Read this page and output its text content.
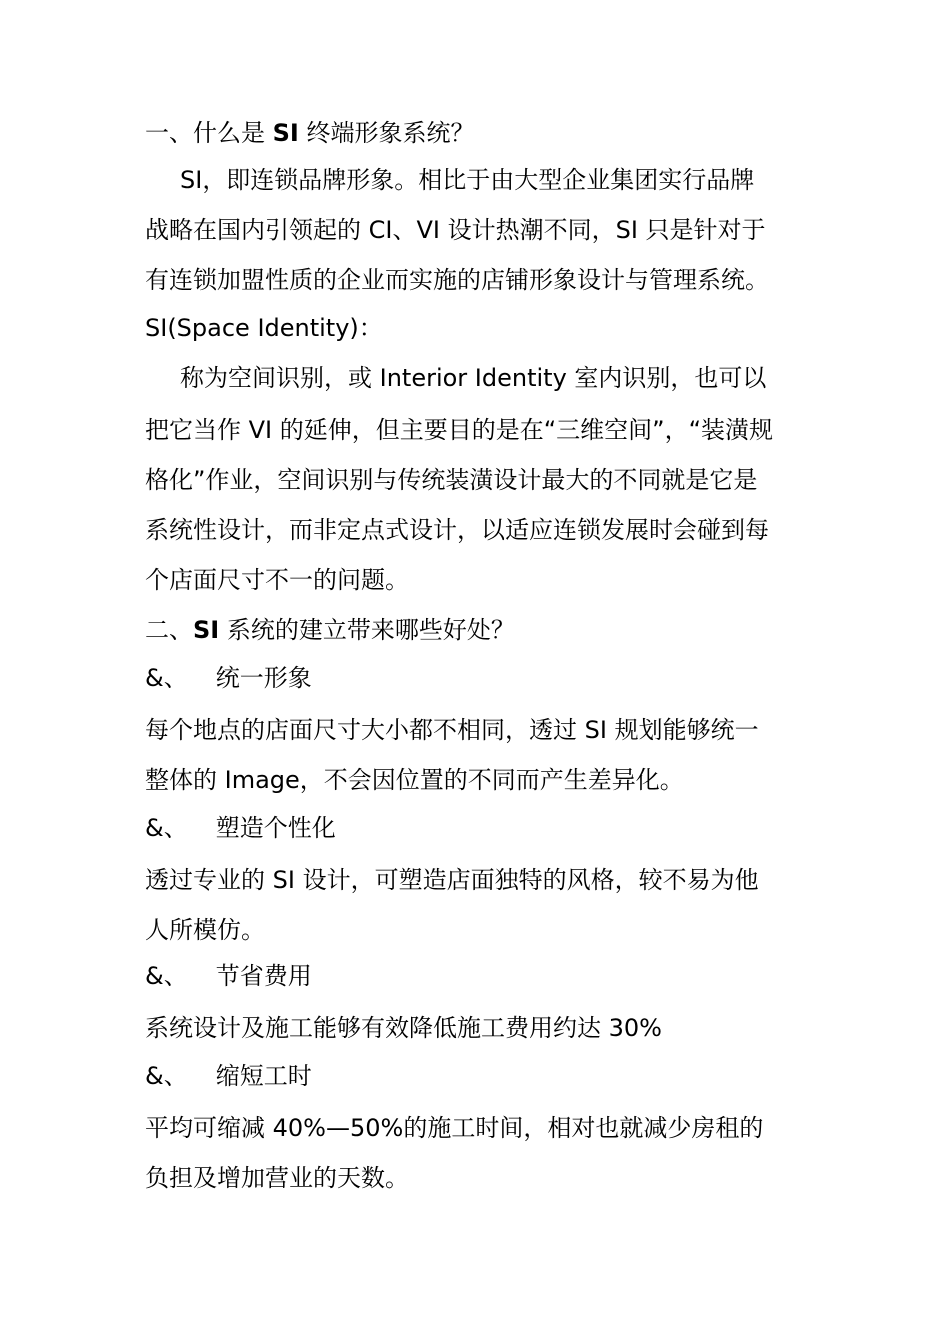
一、什么是 SI 终端形象系统？
SI，即连锁品牌形象。相比于由大型企业集团实行品牌
战略在国内引领起的 CI、VI 设计热潮不同，SI 只是针对于
有连锁加盟性质的企业而实施的店铺形象设计与管理系统。
SI(Space Identity)：
称为空间识别，或 Interior Identity 室内识别，也可以
把它当作 VI 的延伸，但主要目的是在“三维空间”，“装潢规
格化”作业，空间识别与传统装潢设计最大的不同就是它是
系统性设计，而非定点式设计，以适应连锁发展时会碰到每
个店面尺寸不一的问题。
二、SI 系统的建立带来哪些好处？
&、 统一形象
每个地点的店面尺寸大小都不相同，透过 SI 规划能够统一
整体的 Image，不会因位置的不同而产生差异化。
&、 塑造个性化
透过专业的 SI 设计，可塑造店面独特的风格，较不易为他
人所模仿。
&、 节省费用
系统设计及施工能够有效降低施工费用约达 30%
&、 缩短工时
平均可缩减 40%—50%的施工时间，相对也就减少房租的
负担及增加营业的天数。
